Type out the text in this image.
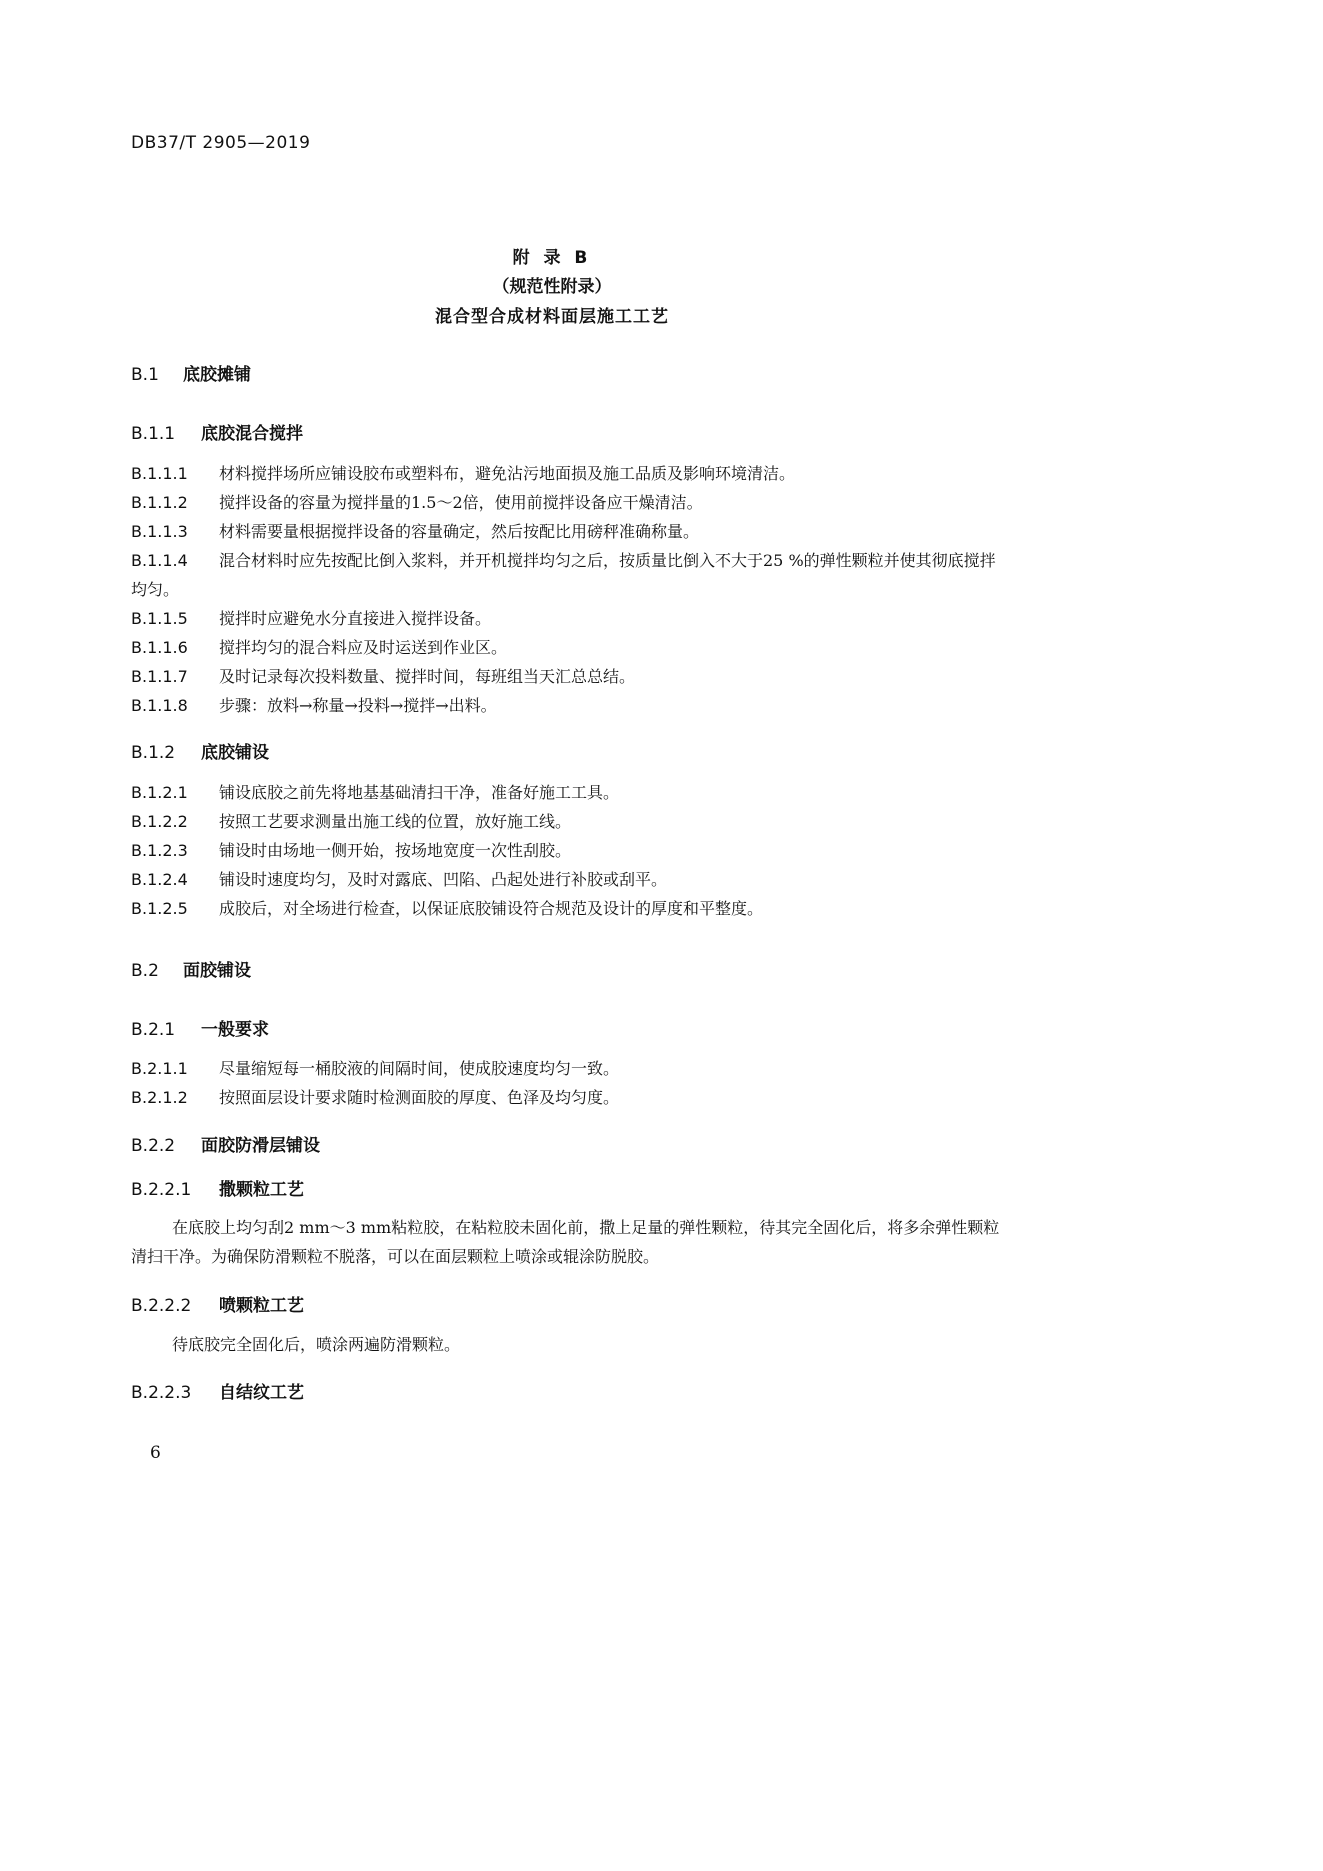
DB37/T 2905—2019
附 录 B
（规范性附录）
混合型合成材料面层施工工艺
B.1 底胶摊铺
B.1.1 底胶混合搅拌
B.1.1.1 材料搅拌场所应铺设胶布或塑料布，避免沾污地面损及施工品质及影响环境清洁。
B.1.1.2 搅拌设备的容量为搅拌量的1.5～2倍，使用前搅拌设备应干燥清洁。
B.1.1.3 材料需要量根据搅拌设备的容量确定，然后按配比用磅秤准确称量。
B.1.1.4 混合材料时应先按配比倒入浆料，并开机搅拌均匀之后，按质量比倒入不大于25 %的弹性颗粒并使其彻底搅拌均匀。
B.1.1.5 搅拌时应避免水分直接进入搅拌设备。
B.1.1.6 搅拌均匀的混合料应及时运送到作业区。
B.1.1.7 及时记录每次投料数量、搅拌时间，每班组当天汇总总结。
B.1.1.8 步骤：放料→称量→投料→搅拌→出料。
B.1.2 底胶铺设
B.1.2.1 铺设底胶之前先将地基基础清扫干净，准备好施工工具。
B.1.2.2 按照工艺要求测量出施工线的位置，放好施工线。
B.1.2.3 铺设时由场地一侧开始，按场地宽度一次性刮胶。
B.1.2.4 铺设时速度均匀，及时对露底、凹陷、凸起处进行补胶或刮平。
B.1.2.5 成胶后，对全场进行检查，以保证底胶铺设符合规范及设计的厚度和平整度。
B.2 面胶铺设
B.2.1 一般要求
B.2.1.1 尽量缩短每一桶胶液的间隔时间，使成胶速度均匀一致。
B.2.1.2 按照面层设计要求随时检测面胶的厚度、色泽及均匀度。
B.2.2 面胶防滑层铺设
B.2.2.1 撒颗粒工艺
在底胶上均匀刮2 mm～3 mm粘粒胶，在粘粒胶未固化前，撒上足量的弹性颗粒，待其完全固化后，将多余弹性颗粒清扫干净。为确保防滑颗粒不脱落，可以在面层颗粒上喷涂或辊涂防脱胶。
B.2.2.2 喷颗粒工艺
待底胶完全固化后，喷涂两遍防滑颗粒。
B.2.2.3 自结纹工艺
6
